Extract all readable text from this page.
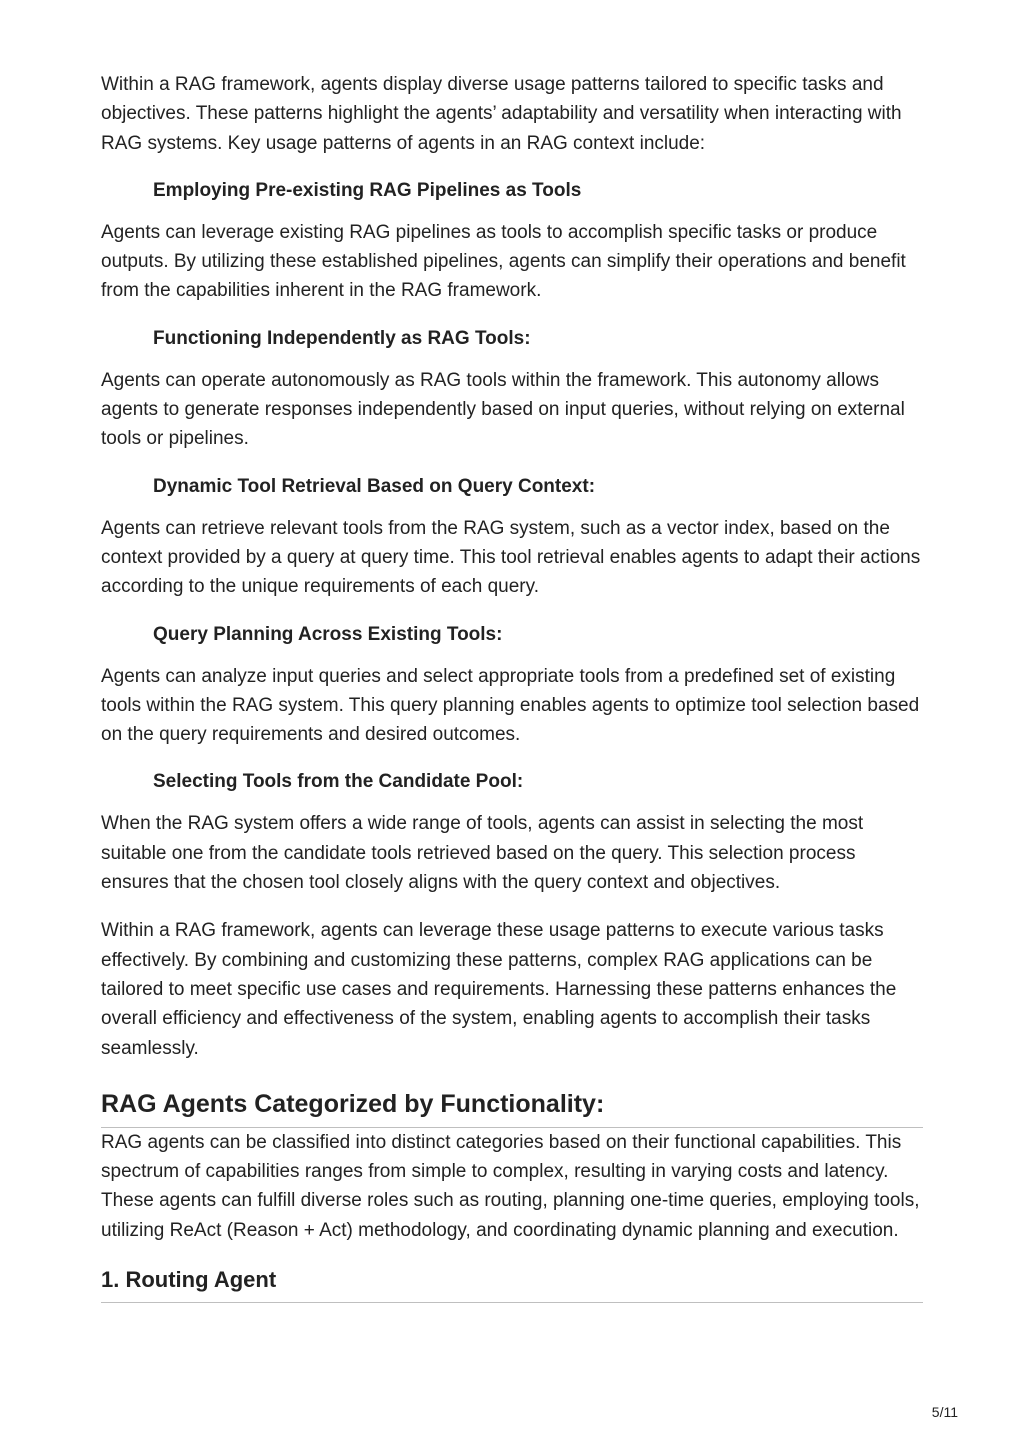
Within a RAG framework, agents display diverse usage patterns tailored to specific tasks and objectives. These patterns highlight the agents’ adaptability and versatility when interacting with RAG systems. Key usage patterns of agents in an RAG context include:

Employing Pre-existing RAG Pipelines as Tools

Agents can leverage existing RAG pipelines as tools to accomplish specific tasks or produce outputs. By utilizing these established pipelines, agents can simplify their operations and benefit from the capabilities inherent in the RAG framework.

Functioning Independently as RAG Tools:

Agents can operate autonomously as RAG tools within the framework. This autonomy allows agents to generate responses independently based on input queries, without relying on external tools or pipelines.

Dynamic Tool Retrieval Based on Query Context:

Agents can retrieve relevant tools from the RAG system, such as a vector index, based on the context provided by a query at query time. This tool retrieval enables agents to adapt their actions according to the unique requirements of each query.

Query Planning Across Existing Tools:

Agents can analyze input queries and select appropriate tools from a predefined set of existing tools within the RAG system. This query planning enables agents to optimize tool selection based on the query requirements and desired outcomes.

Selecting Tools from the Candidate Pool:

When the RAG system offers a wide range of tools, agents can assist in selecting the most suitable one from the candidate tools retrieved based on the query. This selection process ensures that the chosen tool closely aligns with the query context and objectives.

Within a RAG framework, agents can leverage these usage patterns to execute various tasks effectively. By combining and customizing these patterns, complex RAG applications can be tailored to meet specific use cases and requirements. Harnessing these patterns enhances the overall efficiency and effectiveness of the system, enabling agents to accomplish their tasks seamlessly.

RAG Agents Categorized by Functionality:

RAG agents can be classified into distinct categories based on their functional capabilities. This spectrum of capabilities ranges from simple to complex, resulting in varying costs and latency. These agents can fulfill diverse roles such as routing, planning one-time queries, employing tools, utilizing ReAct (Reason + Act) methodology, and coordinating dynamic planning and execution.

1. Routing Agent
5/11
